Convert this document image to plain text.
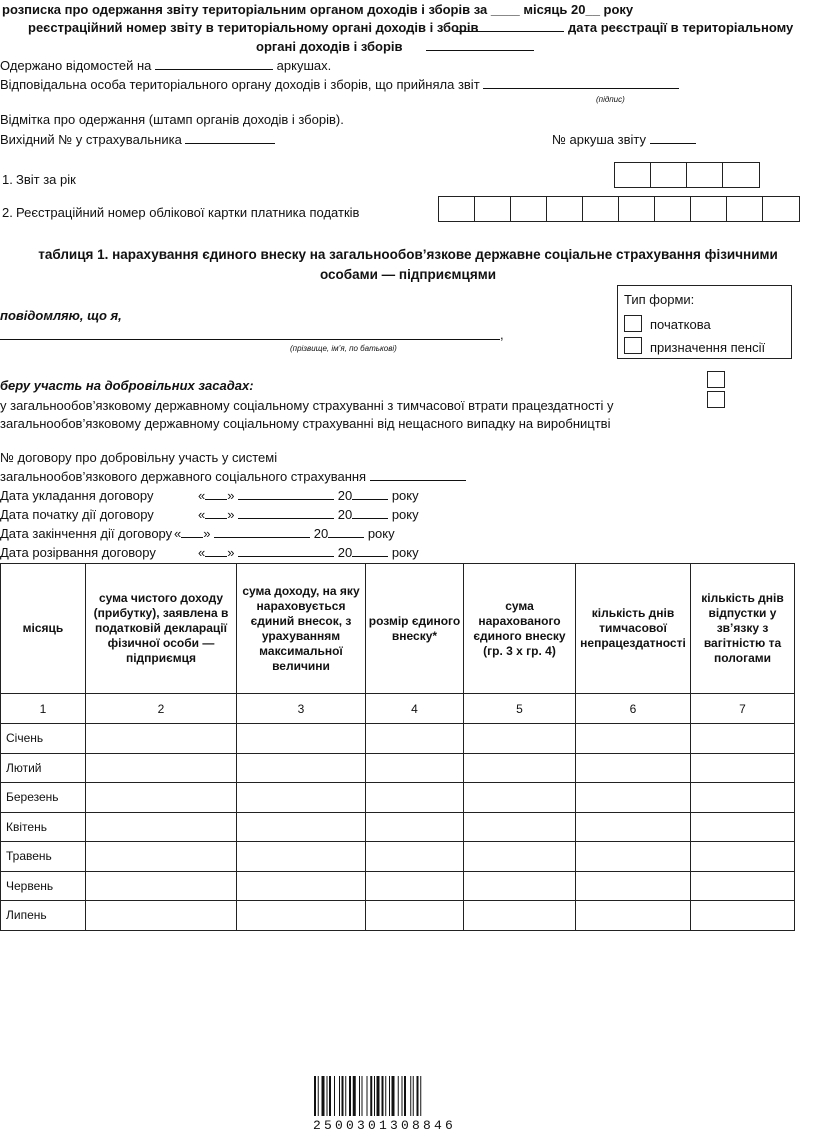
розписка про одержання звіту територіальним органом доходів і зборів за ____ місяць 20__ року
реєстраційний номер звіту в територіальному органі доходів і зборів	дата реєстрації в територіальному
органі доходів і зборів
Одержано відомостей на	аркушах.
Відповідальна особа територіального органу доходів і зборів, що прийняла звіт
(підпис)
Відмітка про одержання (штамп органів доходів і зборів).
Вихідний № у страхувальника	№ аркуша звіту
1. Звіт за рік
2. Реєстраційний номер облікової картки платника податків
таблиця 1. нарахування єдиного внеску на загальнообов’язкове державне соціальне страхування фізичними
особами — підприємцями
Тип форми:
початкова
призначення пенсії
повідомляю, що я,
,
(прізвище, ім’я, по батькові)
беру участь на добровільних засадах:
у загальнообов’язковому державному соціальному страхуванні з тимчасової втрати працездатності у
загальнообов’язковому державному соціальному страхуванні від нещасного випадку на виробництві
№ договору про добровільну участь у системі
загальнообов’язкового державного соціального страхування
Дата укладання договору	« »	20	року
Дата початку дії договору	« »	20	року
Дата закінчення дії договору « »	20	року
Дата розірвання договору	« »	20	року
місяць	сума чистого доходу (прибутку), заявлена в податковій декларації фізичної особи — підприємця	сума доходу, на яку нараховується єдиний внесок, з урахуванням максимальної величини	розмір єдиного внеску*	сума нарахованого єдиного внеску (гр. 3 х гр. 4)	кількість днів тимчасової непрацездатності	кількість днів відпустки у зв’язку з вагітністю та пологами
1	2	3	4	5	6	7
Січень						
Лютий						
Березень						
Квітень						
Травень						
Червень						
Липень						
2500301308846
